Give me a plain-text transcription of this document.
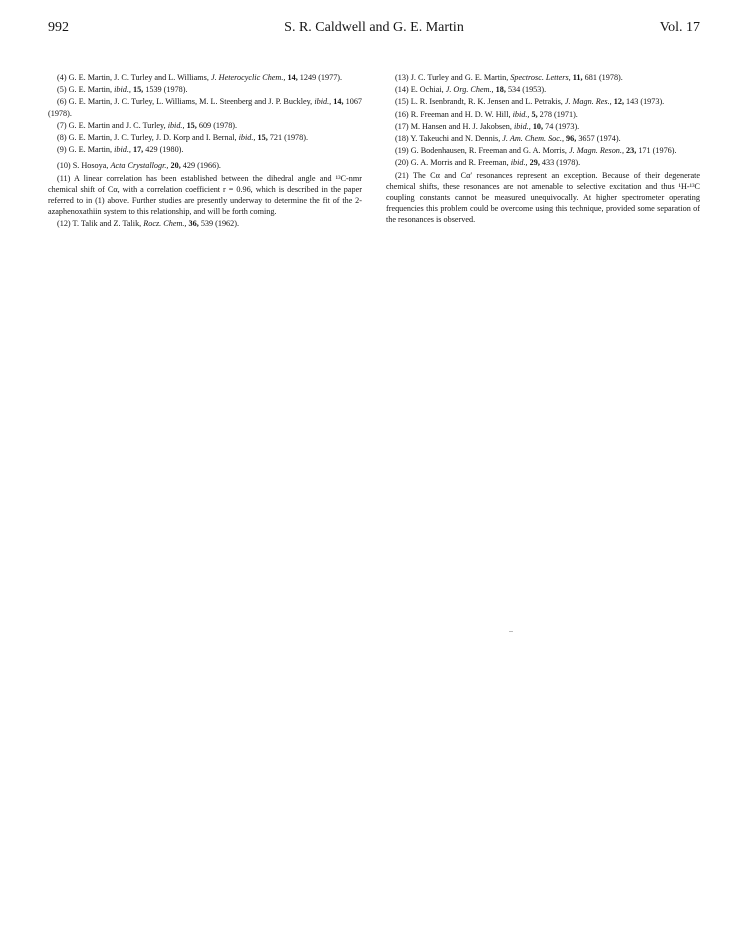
992	S. R. Caldwell and G. E. Martin	Vol. 17

(4) G. E. Martin, J. C. Turley and L. Williams, J. Heterocyclic Chem., 14, 1249 (1977).

(5) G. E. Martin, ibid., 15, 1539 (1978).

(6) G. E. Martin, J. C. Turley, L. Williams, M. L. Steenberg and J. P. Buckley, ibid., 14, 1067 (1978).

(7) G. E. Martin and J. C. Turley, ibid., 15, 609 (1978).

(8) G. E. Martin, J. C. Turley, J. D. Korp and I. Bernal, ibid., 15, 721 (1978).

(9) G. E. Martin, ibid., 17, 429 (1980).

(10) S. Hosoya, Acta Crystallogr., 20, 429 (1966).

(11) A linear correlation has been established between the dihedral angle and ¹³C-nmr chemical shift of Cα, with a correlation coefficient r = 0.96, which is described in the paper referred to in (1) above. Further studies are presently underway to determine the fit of the 2-azaphenoxathiin system to this relationship, and will be forth coming.

(12) T. Talik and Z. Talik, Rocz. Chem., 36, 539 (1962).

(13) J. C. Turley and G. E. Martin, Spectrosc. Letters, 11, 681 (1978).

(14) E. Ochiai, J. Org. Chem., 18, 534 (1953).

(15) L. R. Isenbrandt, R. K. Jensen and L. Petrakis, J. Magn. Res., 12, 143 (1973).

(16) R. Freeman and H. D. W. Hill, ibid., 5, 278 (1971).

(17) M. Hansen and H. J. Jakobsen, ibid., 10, 74 (1973).

(18) Y. Takeuchi and N. Dennis, J. Am. Chem. Soc., 96, 3657 (1974).

(19) G. Bodenhausen, R. Freeman and G. A. Morris, J. Magn. Reson., 23, 171 (1976).

(20) G. A. Morris and R. Freeman, ibid., 29, 433 (1978).

(21) The Cα and Cα′ resonances represent an exception. Because of their degenerate chemical shifts, these resonances are not amenable to selective excitation and thus ¹H-¹³C coupling constants cannot be measured unequivocally. At higher spectrometer operating frequencies this problem could be overcome using this technique, provided some separation of the resonances is observed.
